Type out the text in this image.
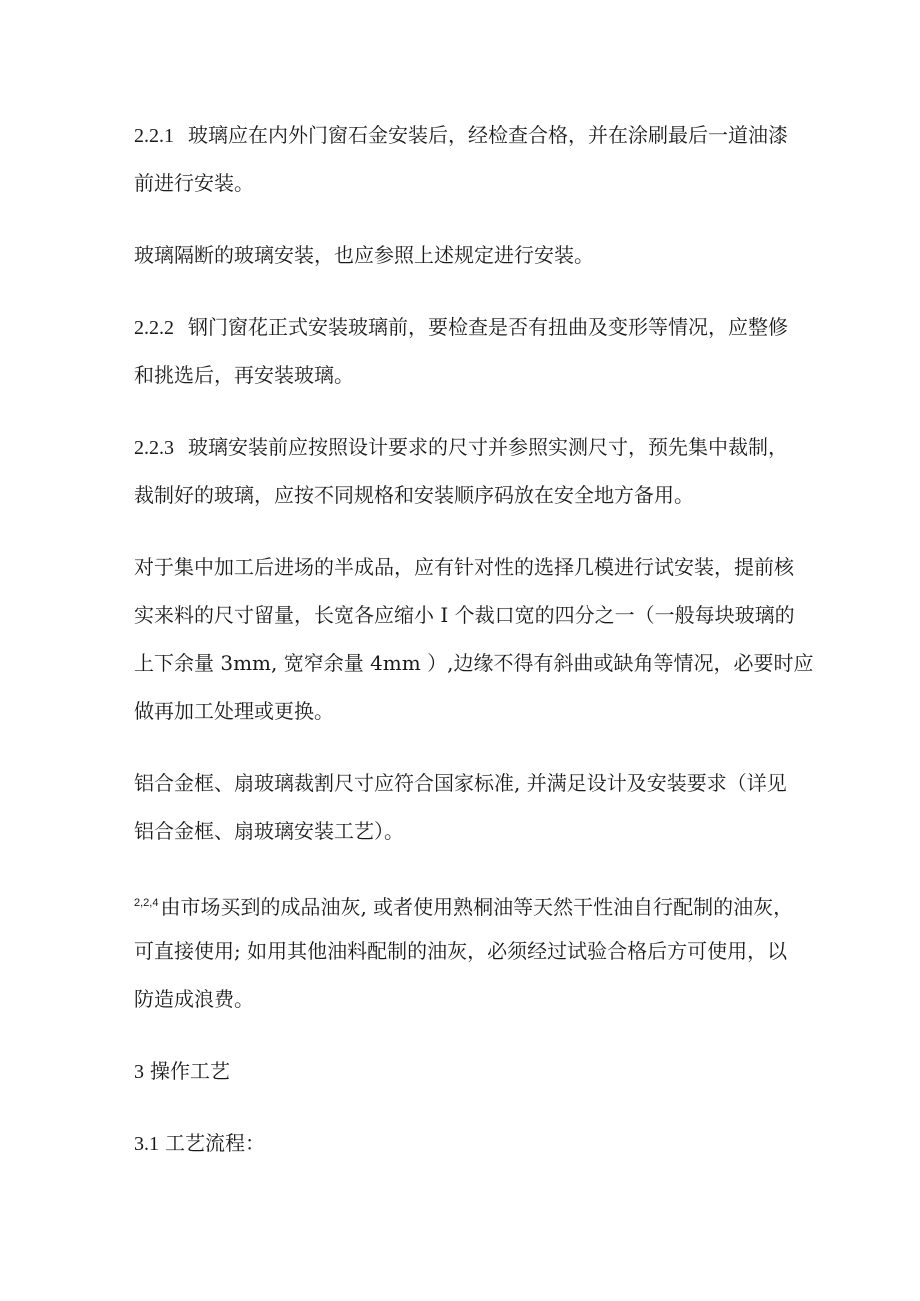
2.2.1 玻璃应在内外门窗石金安装后，经检查合格，并在涂刷最后一道油漆
前进行安装。

玻璃隔断的玻璃安装，也应参照上述规定进行安装。

2.2.2 钢门窗花正式安装玻璃前，要检查是否有扭曲及变形等情况，应整修
和挑选后，再安装玻璃。

2.2.3 玻璃安装前应按照设计要求的尺寸并参照实测尺寸，预先集中裁制，
裁制好的玻璃，应按不同规格和安装顺序码放在安全地方备用。

对于集中加工后进场的半成品，应有针对性的选择几模进行试安装，提前核
实来料的尺寸留量，长宽各应缩小 I 个裁口宽的四分之一（一般每块玻璃的
上下余量 3mm, 宽窄余量 4mm ）,边缘不得有斜曲或缺角等情况，必要时应
做再加工处理或更换。

铝合金框、扇玻璃裁割尺寸应符合国家标准, 并满足设计及安装要求（详见
铝合金框、扇玻璃安装工艺）。

$^{2,2,4}$ 由市场买到的成品油灰, 或者使用熟桐油等天然干性油自行配制的油灰，
可直接使用; 如用其他油料配制的油灰，必须经过试验合格后方可使用，以
防造成浪费。

3 操作工艺

3.1 工艺流程：
